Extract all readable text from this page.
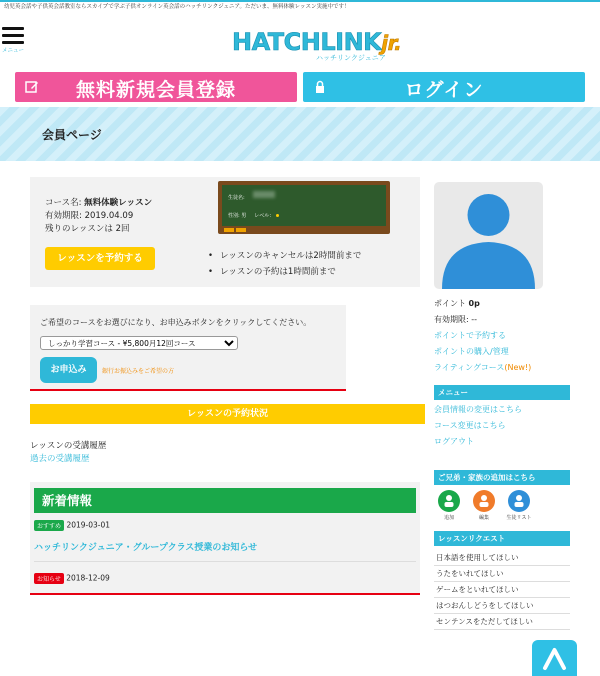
幼児英会話や子供英会話教室ならスカイプで学ぶ子供オンライン英会話のハッチリンクジュニア。ただいま、無料体験レッスン実施中です！
メニュー	HATCHLINKjr.
ハッチリンクジュニア
無料新規会員登録	ログイン
会員ページ
コース名: 無料体験レッスン
有効期限: 2019.04.09
残りのレッスンは 2回
レッスンを予約する
生徒名:
性別: 男 レベル：
• レッスンのキャンセルは2時間前まで
• レッスンの予約は1時間前まで
ご希望のコースをお選びになり、お申込みボタンをクリックしてください。
しっかり学習コース - ¥5,800月12回コース
お申込み	銀行お振込みをご希望の方
レッスンの予約状況
レッスンの受講履歴
過去の受講履歴
新着情報
おすすめ 2019-03-01
ハッチリンクジュニア・グループクラス授業のお知らせ
お知らせ 2018-12-09
ポイント 0p
有効期限: --
ポイントで予約する
ポイントの購入/管理
ライティングコース(New!)
メニュー
会員情報の変更はこちら
コース変更はこちら
ログアウト
ご兄弟・家族の追加はこちら
追加	編集	生徒リスト
レッスンリクエスト
日本語を使用してほしい
うたをいれてほしい
ゲームをといれてほしい
はつおんしどうをしてほしい
センテンスをただしてほしい
